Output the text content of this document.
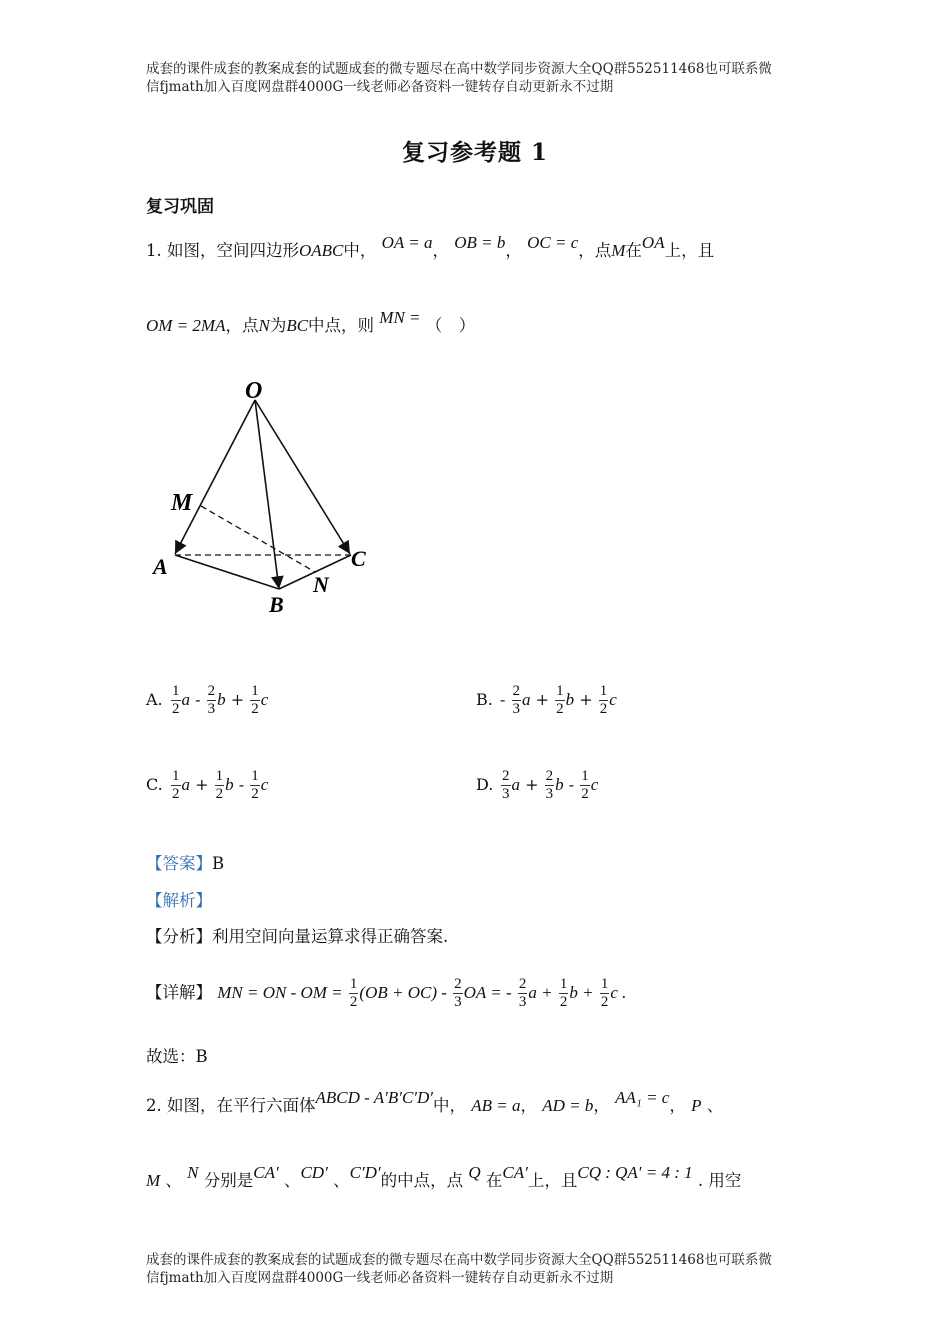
成套的课件成套的教案成套的试题成套的微专题尽在高中数学同步资源大全QQ群552511468也可联系微
信fjmath加入百度网盘群4000G一线老师必备资料一键转存自动更新永不过期
复习参考题 1
复习巩固
1. 如图，空间四边形OABC中， OA = a， OB = b， OC = c，点M在OA上，且
OM = 2MA，点N为BC中点，则 MN = （　）
O
M
A
B
C
N
A. $\frac{1}{2}$ a - $\frac{2}{3}$ $b + \frac{1}{2}$ c	B. - $\frac{2}{3}$ $a + \frac{1}{2}$ $b + \frac{1}{2}$ c
C. $\frac{1}{2}$ $a + \frac{1}{2}$ b - $\frac{1}{2}$ c	D. $\frac{2}{3}$ $a + \frac{2}{3}$ b - $\frac{1}{2}$ c
【答案】B
【解析】
【分析】利用空间向量运算求得正确答案.
【详解】 MN = ON - OM = $\frac{1}{2} (OB + OC) - \frac{2}{3}$ OA = - $\frac{2}{3}$ $a + \frac{1}{2}$ $b + \frac{1}{2}$ c .
故选：B
2. 如图，在平行六面体ABCD - A′B′C′D′中， AB = a， AD = b， AA₁ = c， P 、
M 、 N 分别是CA′ 、CD′ 、C′D′的中点，点 Q 在CA′上，且CQ : QA′ = 4 : 1 . 用空
成套的课件成套的教案成套的试题成套的微专题尽在高中数学同步资源大全QQ群552511468也可联系微
信fjmath加入百度网盘群4000G一线老师必备资料一键转存自动更新永不过期
